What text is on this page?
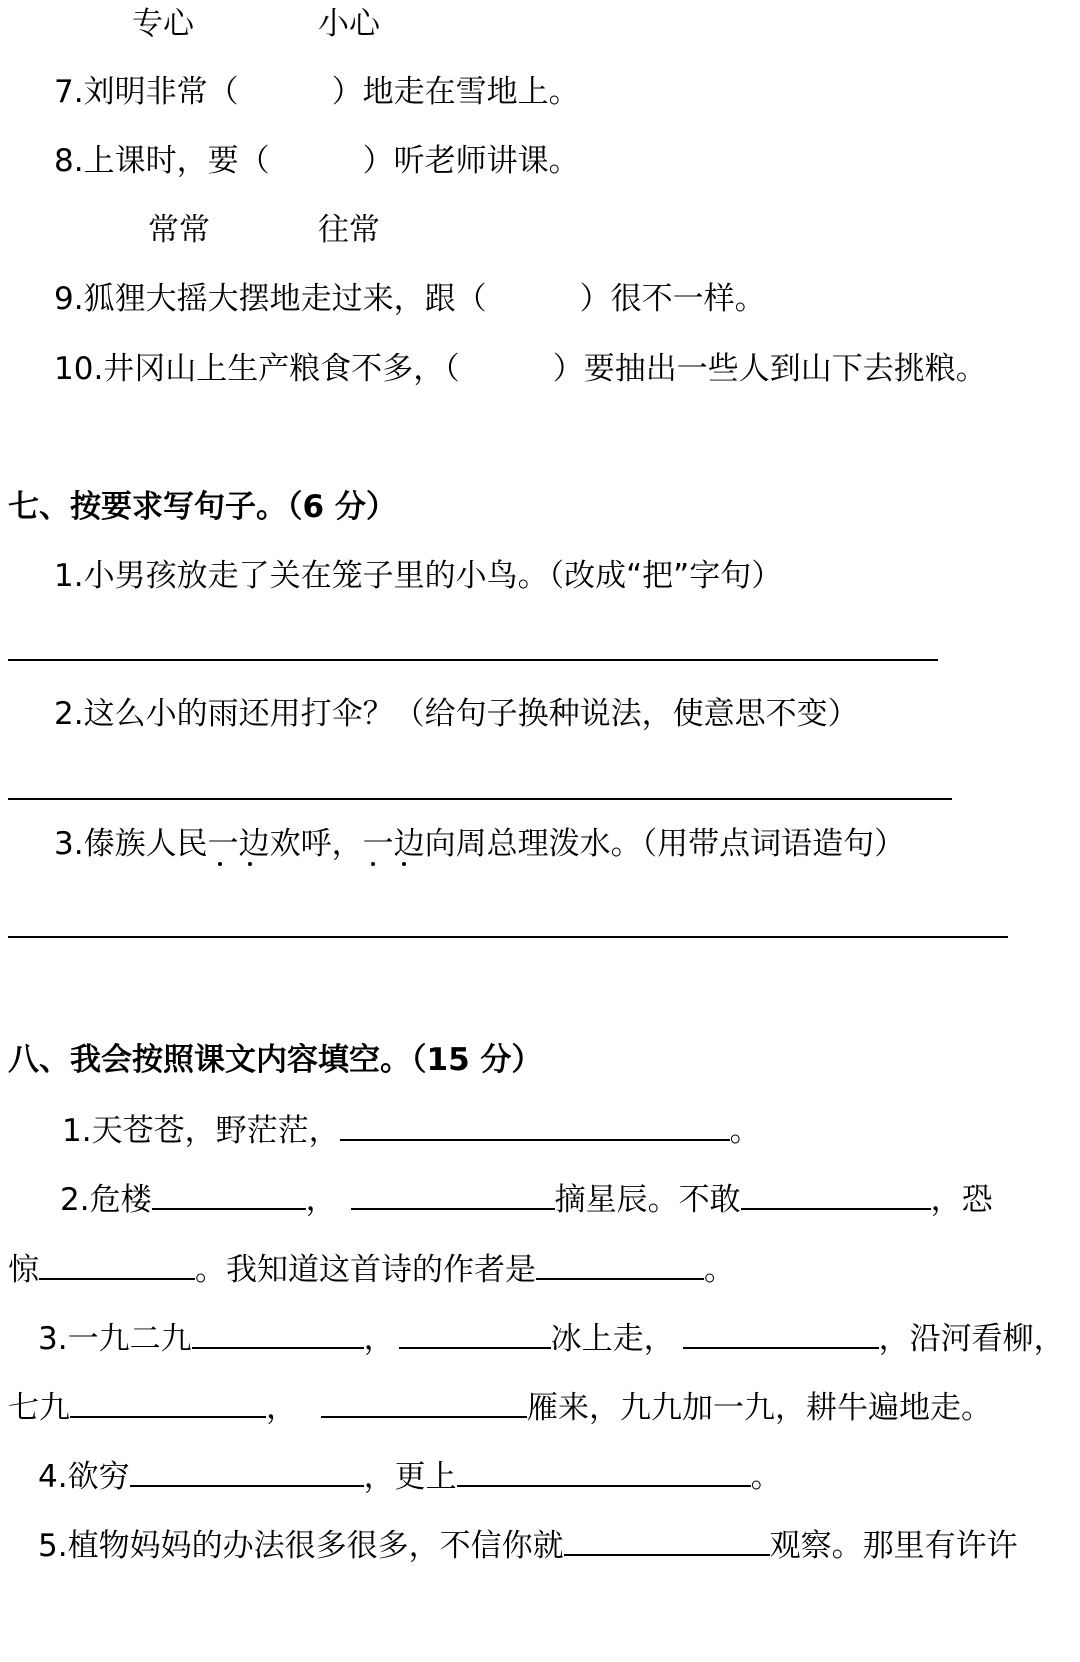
专心	小心
7.刘明非常（　　　）地走在雪地上。
8.上课时，要（　　　）听老师讲课。
常常	往常
9.狐狸大摇大摆地走过来，跟（　　　）很不一样。
10.井冈山上生产粮食不多，（　　　）要抽出一些人到山下去挑粮。
七、按要求写句子。（6 分）
1.小男孩放走了关在笼子里的小鸟。（改成“把”字句）
2.这么小的雨还用打伞？（给句子换种说法，使意思不变）
3.傣族人民一边欢呼，一边向周总理泼水。（用带点词语造句）
八、我会按照课文内容填空。（15 分）
1.天苍苍，野茫茫，	。
2.危楼	，	摘星辰。不敢	，恐
惊	。我知道这首诗的作者是	。
3.一九二九	，	冰上走，	，沿河看柳，
七九	，	雁来，九九加一九，耕牛遍地走。
4.欲穷	，更上	。
5.植物妈妈的办法很多很多，不信你就	观察。那里有许许
